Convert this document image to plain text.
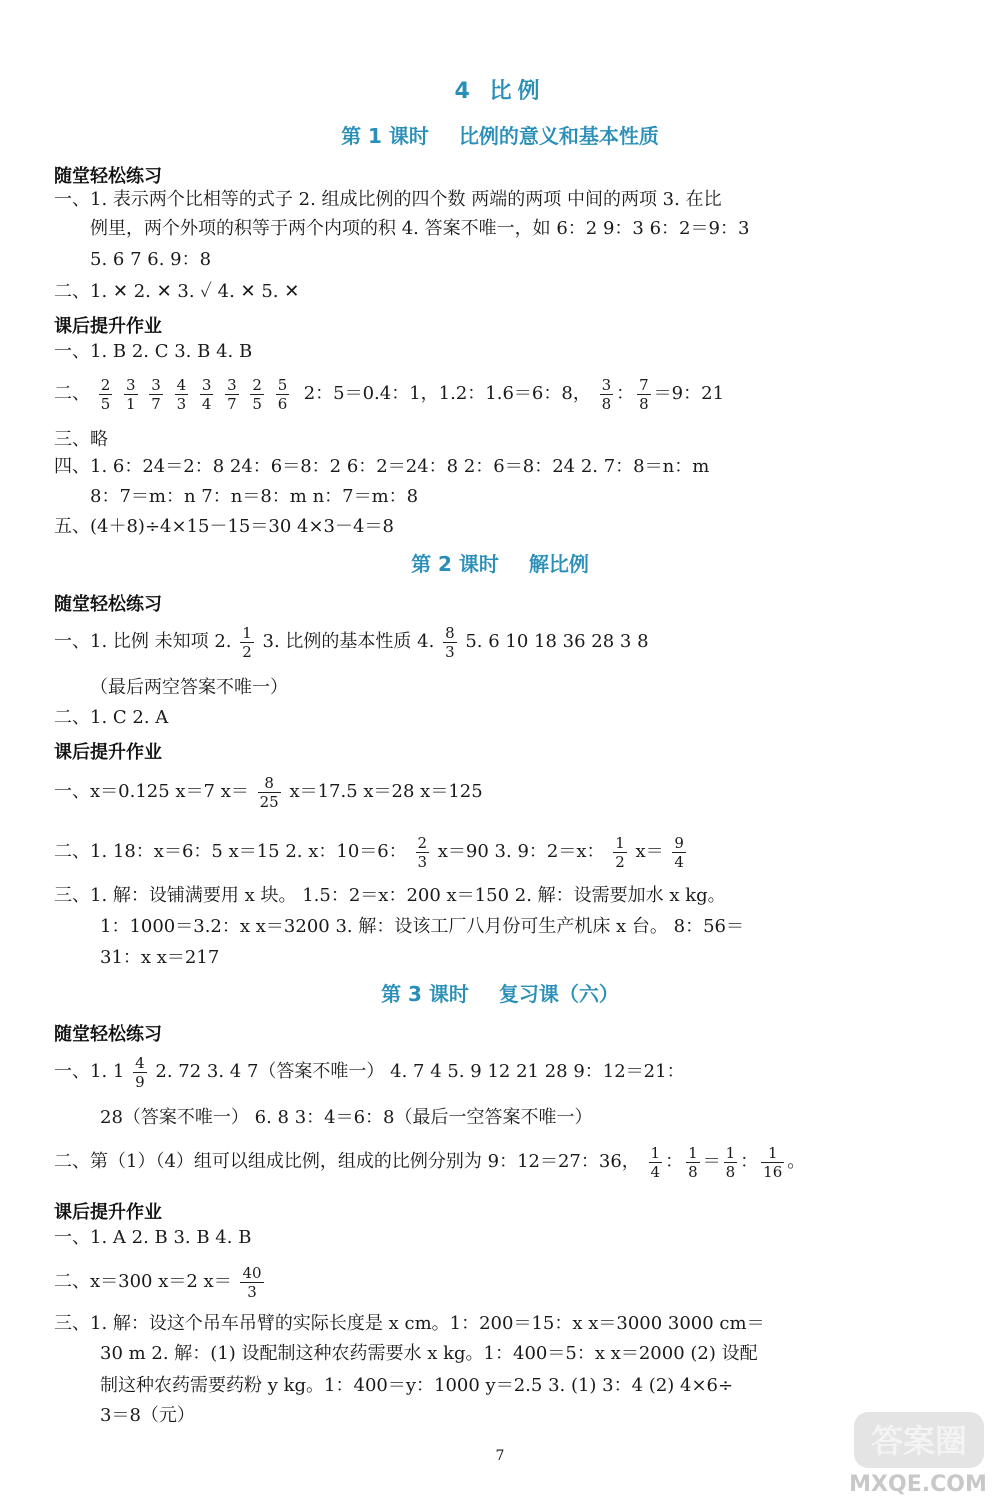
4 比例
第 1 课时 比例的意义和基本性质
随堂轻松练习
一、1. 表示两个比相等的式子 2. 组成比例的四个数 两端的两项 中间的两项 3. 在比
例里，两个外项的积等于两个内项的积 4. 答案不唯一，如 6：2 9：3 6：2＝9：3
5. 6 7 6. 9：8
二、1. ✕ 2. ✕ 3. ✓ 4. ✕ 5. ✕
课后提升作业
一、1. B 2. C 3. B 4. B
二、 $\frac{2}{5}$
$\frac{3}{1}$
$\frac{3}{7}$
$\frac{4}{3}$
$\frac{3}{4}$
$\frac{3}{7}$
$\frac{2}{5}$
$\frac{5}{6} 2$：5＝0.4：1，1.2：1.6＝6：8， $\frac{3}{8}$ ： $\frac{7}{8} =9$：21
三、略
四、1. 6：24＝2：8 24：6＝8：2 6：2＝24：8 2：6＝8：24 2. 7：8＝n：m
8：7＝m：n 7：n＝8：m n：7＝m：8
五、(4＋8)÷4×15－15＝30 4×3－4＝8
第 2 课时 解比例
随堂轻松练习
一、1. 比例 未知项 2. $\frac{1}{2} 3$. 比例的基本性质 4. $\frac{8}{3} 5$. 6 10 18 36 28 3 8
（最后两空答案不唯一）
二、1. C 2. A
课后提升作业
一、x＝0.125 x＝7 $x= \frac{8}{25} x=17.5$ x＝28 x＝125
二、1. 18：x＝6：5 x＝15 2. x：10＝6： $\frac{2}{3} x=90$ 3. 9：2＝x： $\frac{1}{2} x= \frac{9}{4}$
三、1. 解：设铺满要用 x 块。 1.5：2＝x：200 x＝150 2. 解：设需要加水 x kg。
1：1000＝3.2：x x＝3200 3. 解：设该工厂八月份可生产机床 x 台。 8：56＝
31：x x＝217
第 3 课时 复习课（六）
随堂轻松练习
一、1. $1 \frac{4}{9} 2$. 72 3. 4 7（答案不唯一） 4. 7 4 5. 9 12 21 28 9：12＝21：
28（答案不唯一） 6. 8 3：4＝6：8（最后一空答案不唯一）
二、第（1）（4）组可以组成比例，组成的比例分别为 9：12＝27：36， $\frac{1}{4}$ ： $\frac{1}{8} = \frac{1}{8}$ ： $\frac{1}{16}$ 。
课后提升作业
一、1. A 2. B 3. B 4. B
二、x＝300 x＝2 $x= \frac{40}{3}$
三、1. 解：设这个吊车吊臂的实际长度是 x cm。1：200＝15：x x＝3000 3000 cm＝
30 m 2. 解：(1) 设配制这种农药需要水 x kg。1：400＝5：x x＝2000 (2) 设配
制这种农药需要药粉 y kg。1：400＝y：1000 y＝2.5 3. (1) 3：4 (2) 4×6÷
3＝8（元）
7	答案圈
MXQE.COM
